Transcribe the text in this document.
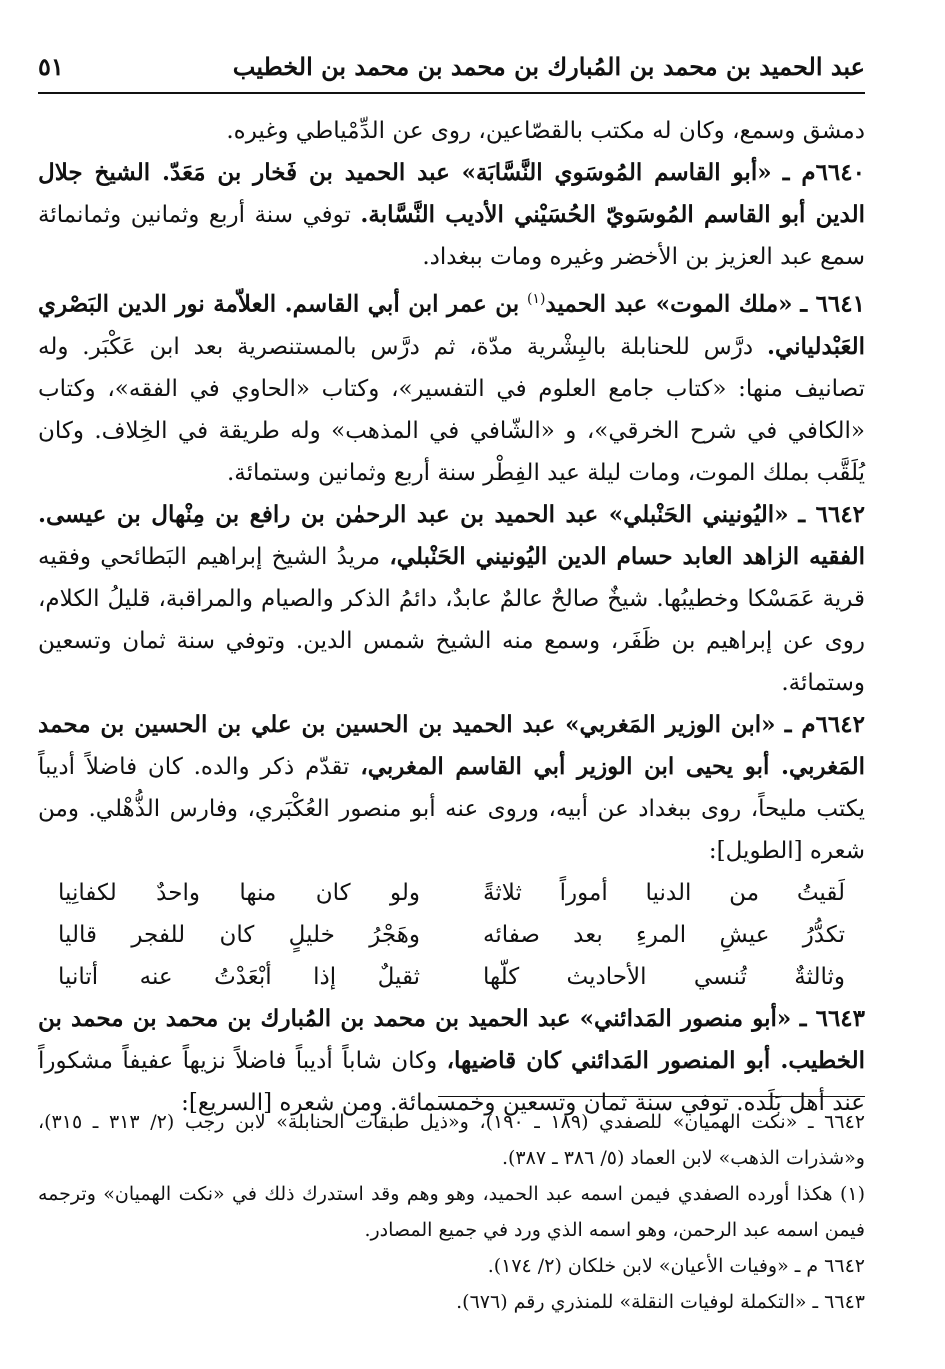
عبد الحميد بن محمد بن المُبارك بن محمد بن محمد بن الخطيب
٥١

دمشق وسمع، وكان له مكتب بالقصّاعين، روى عن الدِّمْياطي وغيره.

٦٦٤٠م ـ «أبو القاسم المُوسَوي النَّسَّابَة» عبد الحميد بن فَخار بن مَعَدّ. الشيخ جلال الدين أبو القاسم المُوسَويّ الحُسَيْني الأديب النَّسَّابة. توفي سنة أربع وثمانين وثمانمائة سمع عبد العزيز بن الأخضر وغيره ومات ببغداد.

٦٦٤١ ـ «ملك الموت» عبد الحميد$^{(١)}$ بن عمر ابن أبي القاسم. العلاّمة نور الدين البَصْري العَبْدلياني. درَّس للحنابلة بالبِشْرية مدّة، ثم درَّس بالمستنصرية بعد ابن عَكْبَر. وله تصانيف منها: «كتاب جامع العلوم في التفسير»، وكتاب «الحاوي في الفقه»، وكتاب «الكافي في شرح الخرقي»، و «الشّافي في المذهب» وله طريقة في الخِلاف. وكان يُلَقَّب بملك الموت، ومات ليلة عيد الفِطْر سنة أربع وثمانين وستمائة.

٦٦٤٢ ـ «اليُونيني الحَنْبلي» عبد الحميد بن عبد الرحمٰن بن رافع بن مِنْهال بن عيسى. الفقيه الزاهد العابد حسام الدين اليُونيني الحَنْبلي، مريدُ الشيخ إبراهيم البَطائحي وفقيه قرية عَمَسْكا وخطيبُها. شيخٌ صالحٌ عالمٌ عابدٌ، دائمُ الذكر والصيام والمراقبة، قليلُ الكلام، روى عن إبراهيم بن ظَفَر، وسمع منه الشيخ شمس الدين. وتوفي سنة ثمان وتسعين وستمائة.

٦٦٤٢م ـ «ابن الوزير المَغربي» عبد الحميد بن الحسين بن علي بن الحسين بن محمد المَغربي. أبو يحيى ابن الوزير أبي القاسم المغربي، تقدّم ذكر والده. كان فاضلاً أديباً يكتب مليحاً، روى ببغداد عن أبيه، وروى عنه أبو منصور العُكْبَري، وفارس الذُّهْلي. ومن شعره [الطويل]:

لَقيتُ من الدنيا أموراً ثلاثةً
ولو كان منها واحدٌ لكفانِيا
تكدُّرُ عيشِ المرءِ بعد صفائه
وهَجْرُ خليلٍ كان للفجر قاليا
وثالثةٌ تُنسي الأحاديث كلّها
ثقيلٌ إذا أبْعَدْتُ عنه أتانيا

٦٦٤٣ ـ «أبو منصور المَدائني» عبد الحميد بن محمد بن المُبارك بن محمد بن محمد بن الخطيب. أبو المنصور المَدائني كان قاضيها، وكان شاباً أديباً فاضلاً نزيهاً عفيفاً مشكوراً عند أهل بَلَده. توفي سنة ثمان وتسعين وخمسمائة. ومن شعره [السريع]:

٦٦٤٢ ـ «نكت الهميان» للصفدي (١٨٩ ـ ١٩٠)، و«ذيل طبقات الحنابلة» لابن رجب (٢/ ٣١٣ ـ ٣١٥)، و«شذرات الذهب» لابن العماد (٥/ ٣٨٦ ـ ٣٨٧).

(١) هكذا أورده الصفدي فيمن اسمه عبد الحميد، وهو وهم وقد استدرك ذلك في «نكت الهميان» وترجمه فيمن اسمه عبد الرحمن، وهو اسمه الذي ورد في جميع المصادر.

٦٦٤٢ م ـ «وفيات الأعيان» لابن خلكان (٢/ ١٧٤).

٦٦٤٣ ـ «التكملة لوفيات النقلة» للمنذري رقم (٦٧٦).
